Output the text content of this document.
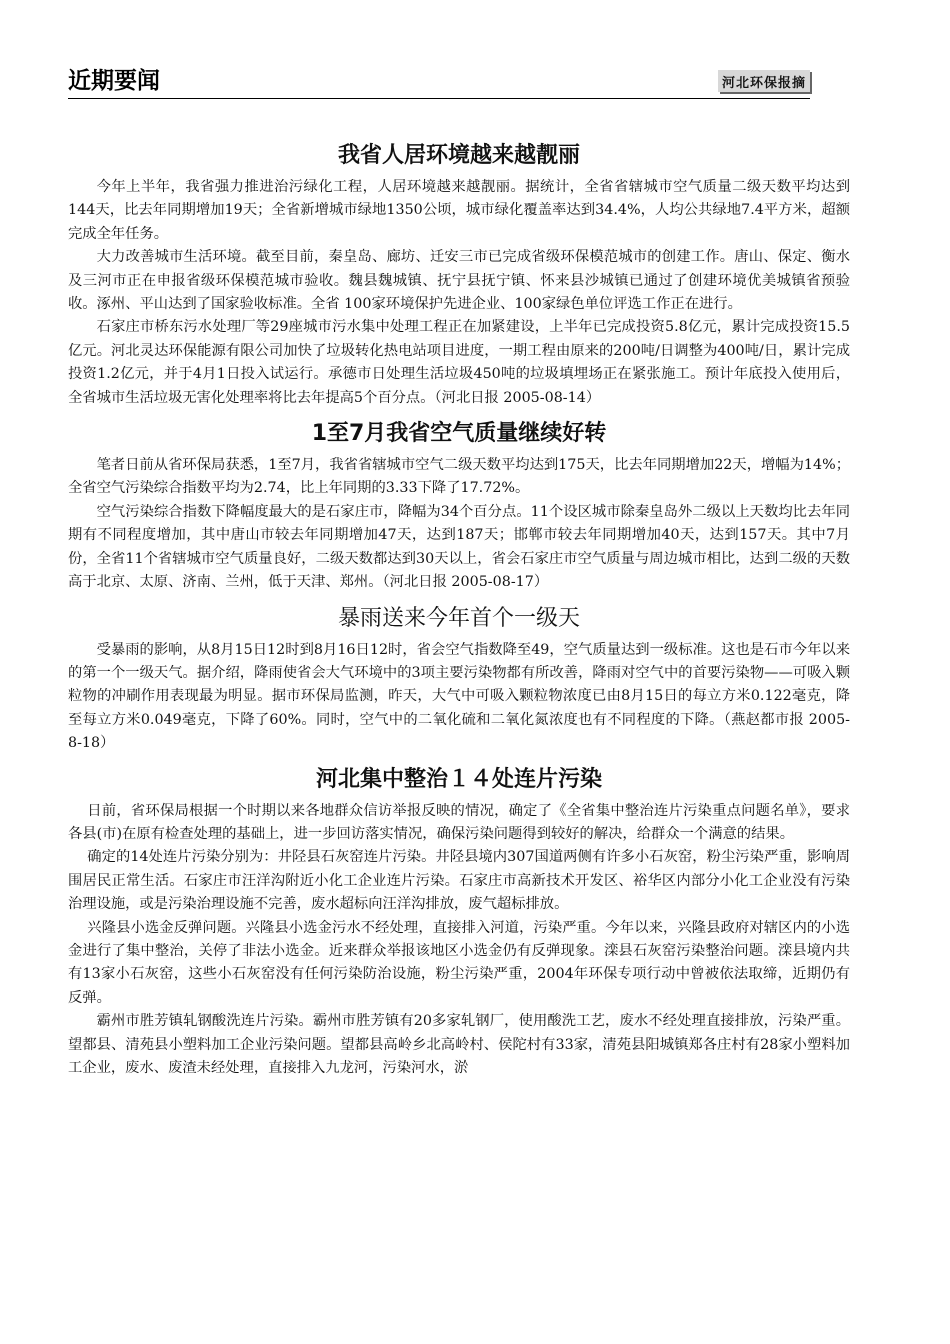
近期要闻	河北环保报摘
我省人居环境越来越靓丽

今年上半年，我省强力推进治污绿化工程，人居环境越来越靓丽。据统计，全省省辖城市空气质量二级天数平均达到144天，比去年同期增加19天；全省新增城市绿地1350公顷，城市绿化覆盖率达到34.4%，人均公共绿地7.4平方米，超额完成全年任务。

大力改善城市生活环境。截至目前，秦皇岛、廊坊、迁安三市已完成省级环保模范城市的创建工作。唐山、保定、衡水及三河市正在申报省级环保模范城市验收。魏县魏城镇、抚宁县抚宁镇、怀来县沙城镇已通过了创建环境优美城镇省预验收。涿州、平山达到了国家验收标准。全省 100家环境保护先进企业、100家绿色单位评选工作正在进行。

石家庄市桥东污水处理厂等29座城市污水集中处理工程正在加紧建设，上半年已完成投资5.8亿元，累计完成投资15.5亿元。河北灵达环保能源有限公司加快了垃圾转化热电站项目进度，一期工程由原来的200吨/日调整为400吨/日，累计完成投资1.2亿元，并于4月1日投入试运行。承德市日处理生活垃圾450吨的垃圾填埋场正在紧张施工。预计年底投入使用后，全省城市生活垃圾无害化处理率将比去年提高5个百分点。（河北日报 2005-08-14）

1至7月我省空气质量继续好转

笔者日前从省环保局获悉，1至7月，我省省辖城市空气二级天数平均达到175天，比去年同期增加22天，增幅为14%；全省空气污染综合指数平均为2.74，比上年同期的3.33下降了17.72%。

空气污染综合指数下降幅度最大的是石家庄市，降幅为34个百分点。11个设区城市除秦皇岛外二级以上天数均比去年同期有不同程度增加，其中唐山市较去年同期增加47天，达到187天；邯郸市较去年同期增加40天，达到157天。其中7月份，全省11个省辖城市空气质量良好，二级天数都达到30天以上，省会石家庄市空气质量与周边城市相比，达到二级的天数高于北京、太原、济南、兰州，低于天津、郑州。（河北日报 2005-08-17）

暴雨送来今年首个一级天

受暴雨的影响，从8月15日12时到8月16日12时，省会空气指数降至49，空气质量达到一级标准。这也是石市今年以来的第一个一级天气。据介绍，降雨使省会大气环境中的3项主要污染物都有所改善，降雨对空气中的首要污染物——可吸入颗粒物的冲刷作用表现最为明显。据市环保局监测，昨天，大气中可吸入颗粒物浓度已由8月15日的每立方米0.122毫克，降至每立方米0.049毫克，下降了60%。同时，空气中的二氧化硫和二氧化氮浓度也有不同程度的下降。（燕赵都市报 2005-8-18）

河北集中整治１４处连片污染

日前，省环保局根据一个时期以来各地群众信访举报反映的情况，确定了《全省集中整治连片污染重点问题名单》，要求各县(市)在原有检查处理的基础上，进一步回访落实情况，确保污染问题得到较好的解决，给群众一个满意的结果。

确定的14处连片污染分别为：井陉县石灰窑连片污染。井陉县境内307国道两侧有许多小石灰窑，粉尘污染严重，影响周围居民正常生活。石家庄市汪洋沟附近小化工企业连片污染。石家庄市高新技术开发区、裕华区内部分小化工企业没有污染治理设施，或是污染治理设施不完善，废水超标向汪洋沟排放，废气超标排放。

兴隆县小选金反弹问题。兴隆县小选金污水不经处理，直接排入河道，污染严重。今年以来，兴隆县政府对辖区内的小选金进行了集中整治，关停了非法小选金。近来群众举报该地区小选金仍有反弹现象。滦县石灰窑污染整治问题。滦县境内共有13家小石灰窑，这些小石灰窑没有任何污染防治设施，粉尘污染严重，2004年环保专项行动中曾被依法取缔，近期仍有反弹。

霸州市胜芳镇轧钢酸洗连片污染。霸州市胜芳镇有20多家轧钢厂，使用酸洗工艺，废水不经处理直接排放，污染严重。望都县、清苑县小塑料加工企业污染问题。望都县高岭乡北高岭村、侯陀村有33家，清苑县阳城镇郑各庄村有28家小塑料加工企业，废水、废渣未经处理，直接排入九龙河，污染河水，淤
